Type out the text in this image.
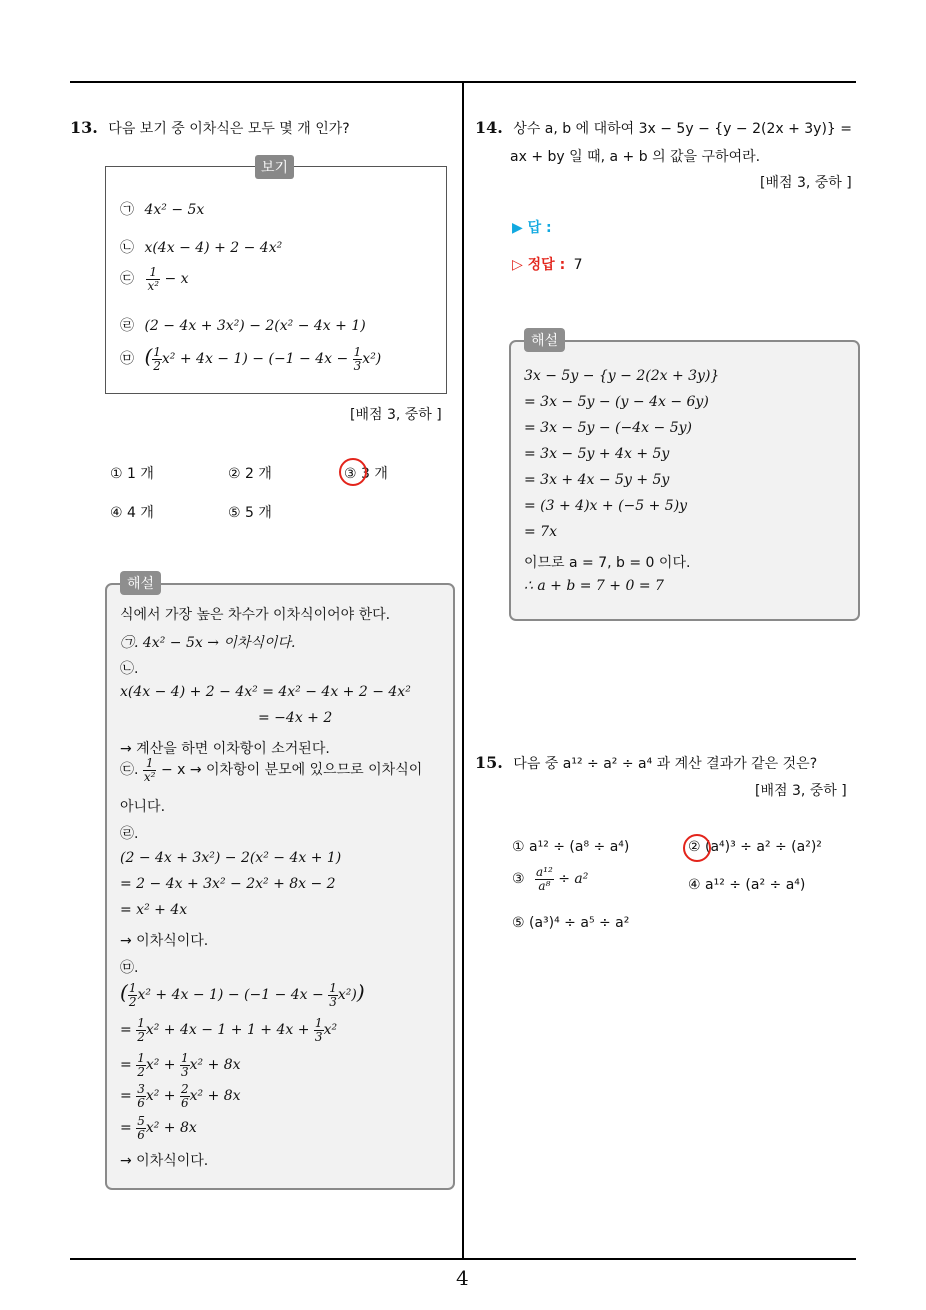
4
13. 다음 보기 중 이차식은 모두 몇 개 인가?
보기
㉠ 4x² − 5x
㉡ x(4x − 4) + 2 − 4x²
㉢ $\frac{1}{\text{x²}} - x$
㉣ (2 − 4x + 3x²) − 2(x² − 4x + 1)
㉤ ( $\frac{1}{2} x^2 + 4x - 1) - (-1 - 4x - \frac{1}{3} x^2)$
[배점 3, 중하 ]
① 1 개	② 2 개	③ 3 개
④ 4 개	⑤ 5 개
해설
식에서 가장 높은 차수가 이차식이어야 한다.
㉠. 4x² − 5x → 이차식이다.
㉡.
x(4x − 4) + 2 − 4x² = 4x² − 4x + 2 − 4x²
= −4x + 2
→ 계산을 하면 이차항이 소거된다.
㉢. $\frac{1}{\text{x²}} - x$ → 이차항이 분모에 있으므로 이차식이
아니다.
㉣.
(2 − 4x + 3x²) − 2(x² − 4x + 1)
= 2 − 4x + 3x² − 2x² + 8x − 2
= x² + 4x
→ 이차식이다.
㉤.
( $\frac{1}{2} x^2 + 4x - 1) - (-1 - 4x - \frac{1}{3} x^2)$)
= $\frac{1}{2} x^2 + 4x - 1 + 1 + 4x + \frac{1}{3} x^2$
= $\frac{1}{2} x^2 + \frac{1}{3} x^2 + 8x$
= $\frac{3}{6} x^2 + \frac{2}{6} x^2 + 8x$
= $\frac{5}{6} x^2 + 8x$
→ 이차식이다.
14. 상수 a, b 에 대하여 3x − 5y − {y − 2(2x + 3y)} =
ax + by 일 때, a + b 의 값을 구하여라.
[배점 3, 중하 ]
▶ 답 :
▷ 정답 : 7
해설
3x − 5y − {y − 2(2x + 3y)}
= 3x − 5y − (y − 4x − 6y)
= 3x − 5y − (−4x − 5y)
= 3x − 5y + 4x + 5y
= 3x + 4x − 5y + 5y
= (3 + 4)x + (−5 + 5)y
= 7x
이므로 a = 7, b = 0 이다.
∴ a + b = 7 + 0 = 7
15. 다음 중 a¹² ÷ a² ÷ a⁴ 과 계산 결과가 같은 것은?
[배점 3, 중하 ]
① a¹² ÷ (a⁸ ÷ a⁴)	② (a⁴)³ ÷ a² ÷ (a²)²
③ $\frac{\text{a¹²}}{\text{a⁸}} \div a^2$	④ a¹² ÷ (a² ÷ a⁴)
⑤ (a³)⁴ ÷ a⁵ ÷ a²
